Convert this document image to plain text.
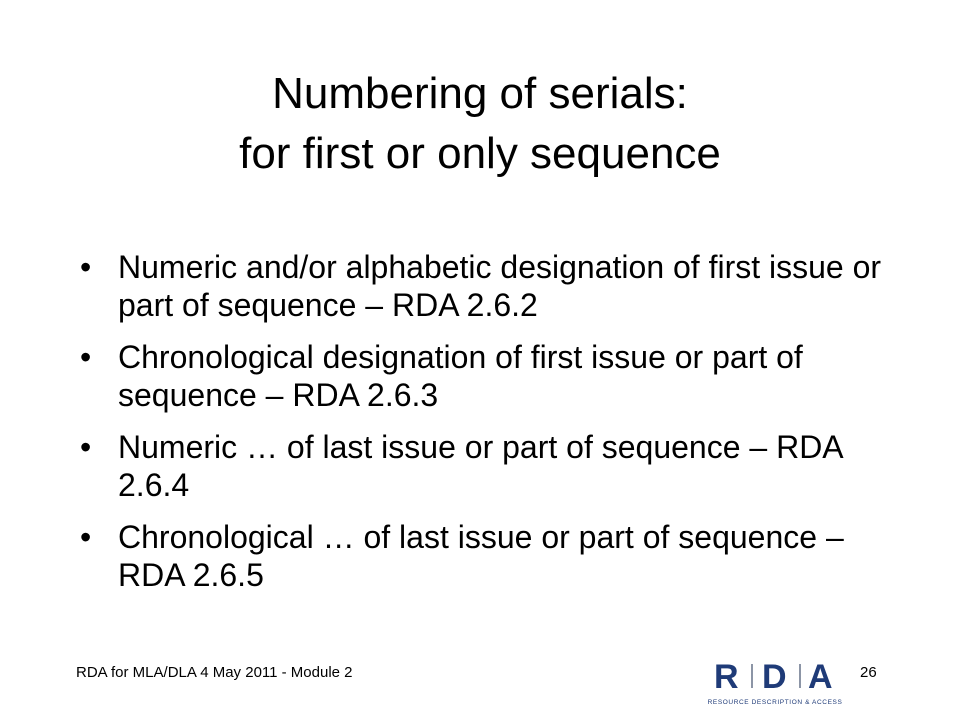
Numbering of serials:
for first or only sequence
• Numeric and/or alphabetic designation of first issue or part of sequence – RDA 2.6.2
• Chronological designation of first issue or part of sequence – RDA 2.6.3
• Numeric … of last issue or part of sequence – RDA 2.6.4
• Chronological … of last issue or part of sequence – RDA 2.6.5
RDA for MLA/DLA 4 May 2011 - Module 2	R D A
RESOURCE DESCRIPTION & ACCESS
26
